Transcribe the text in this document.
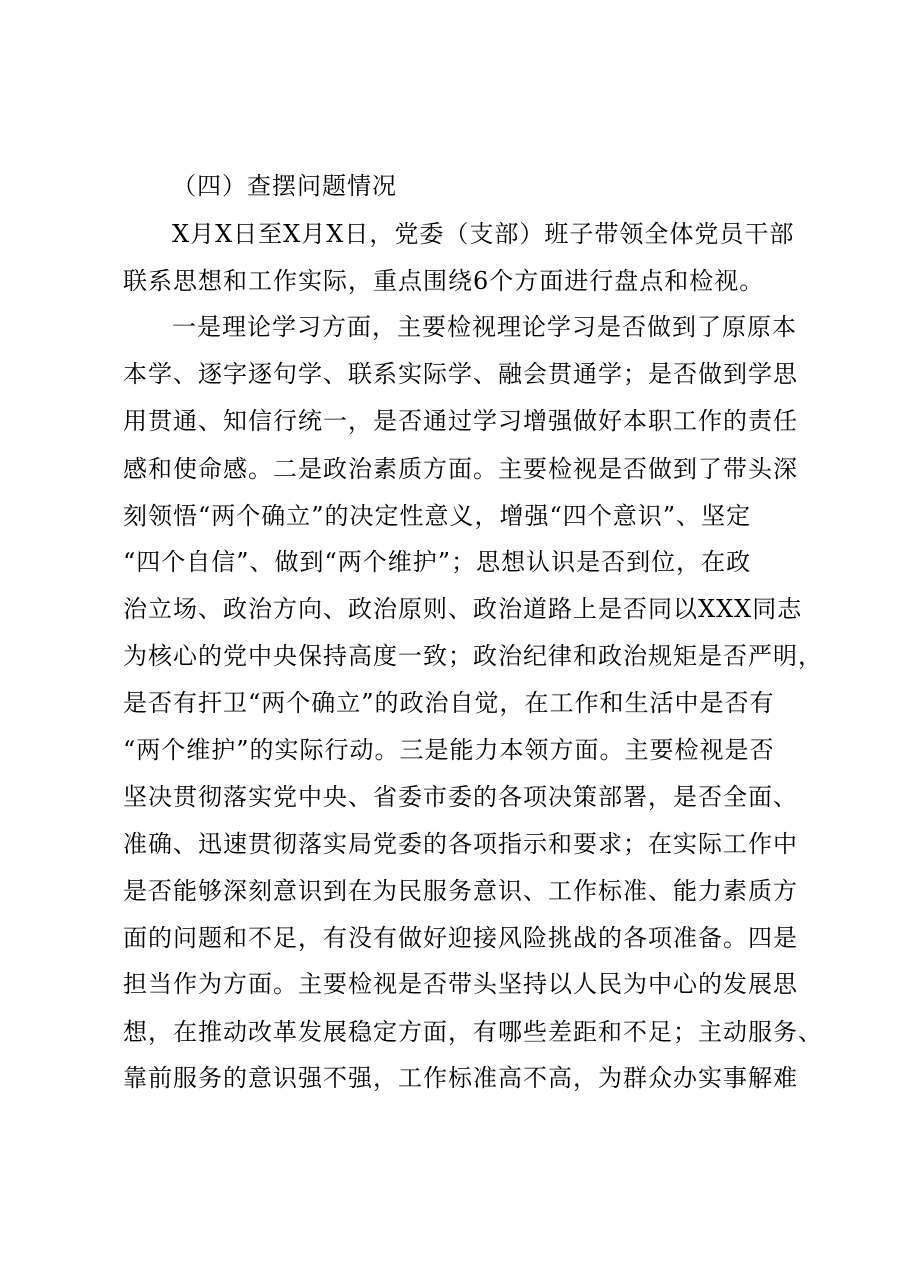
（四）查摆问题情况
X月X日至X月X日，党委（支部）班子带领全体党员干部
联系思想和工作实际，重点围绕6个方面进行盘点和检视。
一是理论学习方面，主要检视理论学习是否做到了原原本
本学、逐字逐句学、联系实际学、融会贯通学；是否做到学思
用贯通、知信行统一，是否通过学习增强做好本职工作的责任
感和使命感。二是政治素质方面。主要检视是否做到了带头深
刻领悟“两个确立”的决定性意义，增强“四个意识”、坚定
“四个自信”、做到“两个维护”；思想认识是否到位，在政
治立场、政治方向、政治原则、政治道路上是否同以XXX同志
为核心的党中央保持高度一致；政治纪律和政治规矩是否严明，
是否有扞卫“两个确立”的政治自觉，在工作和生活中是否有
“两个维护”的实际行动。三是能力本领方面。主要检视是否
坚决贯彻落实党中央、省委市委的各项决策部署，是否全面、
准确、迅速贯彻落实局党委的各项指示和要求；在实际工作中
是否能够深刻意识到在为民服务意识、工作标准、能力素质方
面的问题和不足，有没有做好迎接风险挑战的各项准备。四是
担当作为方面。主要检视是否带头坚持以人民为中心的发展思
想，在推动改革发展稳定方面，有哪些差距和不足；主动服务、
靠前服务的意识强不强，工作标准高不高，为群众办实事解难
